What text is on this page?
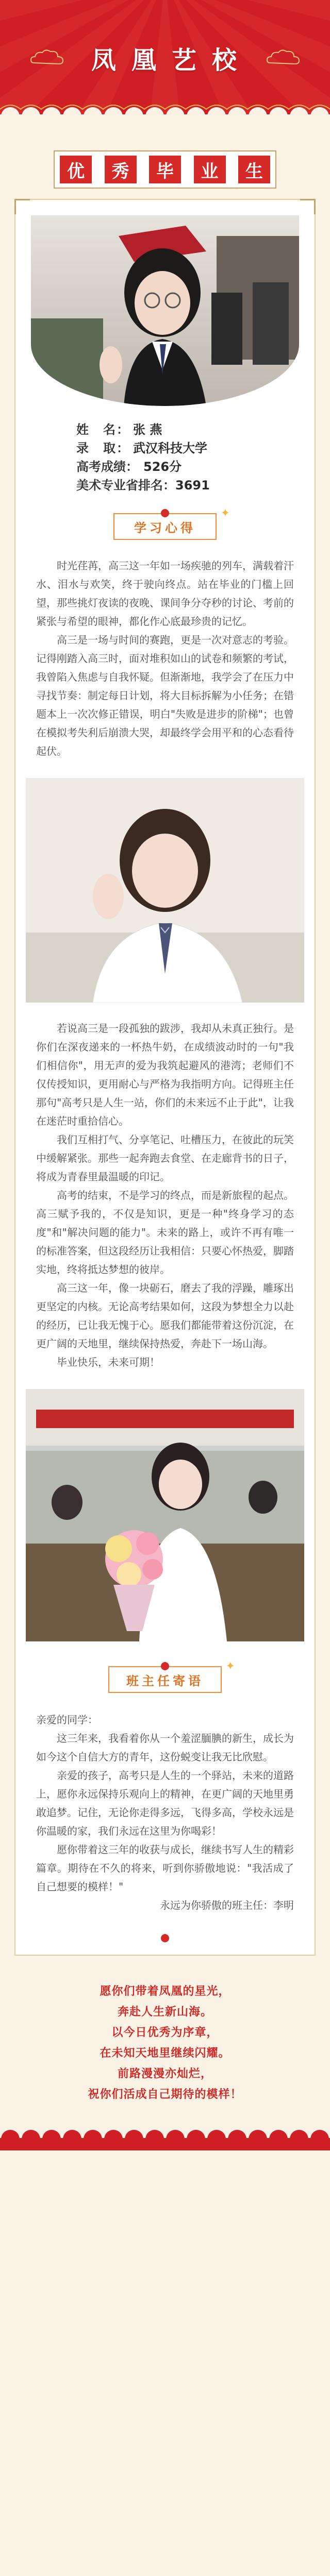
凤 凰 艺 校
优	秀	毕	业	生
姓　名： 张 燕
录　取： 武汉科技大学
高考成绩： 526分
美术专业省排名： 3691
学习心得
✦

时光荏苒，高三这一年如一场疾驰的列车，满载着汗水、泪水与欢笑，终于驶向终点。站在毕业的门槛上回望，那些挑灯夜读的夜晚、课间争分夺秒的讨论、考前的紧张与希望的眼神，都化作心底最珍贵的记忆。

高三是一场与时间的赛跑，更是一次对意志的考验。记得刚踏入高三时，面对堆积如山的试卷和频繁的考试，我曾陷入焦虑与自我怀疑。但渐渐地，我学会了在压力中寻找节奏：制定每日计划，将大目标拆解为小任务；在错题本上一次次修正错误，明白"失败是进步的阶梯"；也曾在模拟考失利后崩溃大哭，却最终学会用平和的心态看待起伏。

若说高三是一段孤独的跋涉，我却从未真正独行。是你们在深夜递来的一杯热牛奶，在成绩波动时的一句"我们相信你"，用无声的爱为我筑起避风的港湾；老师们不仅传授知识，更用耐心与严格为我指明方向。记得班主任那句"高考只是人生一站，你们的未来远不止于此"，让我在迷茫时重拾信心。

我们互相打气、分享笔记、吐槽压力，在彼此的玩笑中缓解紧张。那些一起奔跑去食堂、在走廊背书的日子，将成为青春里最温暖的印记。

高考的结束，不是学习的终点，而是新旅程的起点。高三赋予我的，不仅是知识，更是一种"终身学习的态度"和"解决问题的能力"。未来的路上，或许不再有唯一的标准答案，但这段经历让我相信：只要心怀热爱，脚踏实地，终将抵达梦想的彼岸。

高三这一年，像一块砺石，磨去了我的浮躁，雕琢出更坚定的内核。无论高考结果如何，这段为梦想全力以赴的经历，已让我无愧于心。愿我们都能带着这份沉淀，在更广阔的天地里，继续保持热爱，奔赴下一场山海。

毕业快乐，未来可期！

班主任寄语
✦

亲爱的同学：

这三年来，我看着你从一个羞涩腼腆的新生，成长为如今这个自信大方的青年，这份蜕变让我无比欣慰。

亲爱的孩子，高考只是人生的一个驿站，未来的道路上，愿你永远保持乐观向上的精神，在更广阔的天地里勇敢追梦。记住，无论你走得多远，飞得多高，学校永远是你温暖的家，我们永远在这里为你喝彩！

愿你带着这三年的收获与成长，继续书写人生的精彩篇章。期待在不久的将来，听到你骄傲地说："我活成了自己想要的模样！"

永远为你骄傲的班主任：李明

愿你们带着凤凰的星光，

奔赴人生新山海。

以今日优秀为序章，

在未知天地里继续闪耀。

前路漫漫亦灿烂，

祝你们活成自己期待的模样！
